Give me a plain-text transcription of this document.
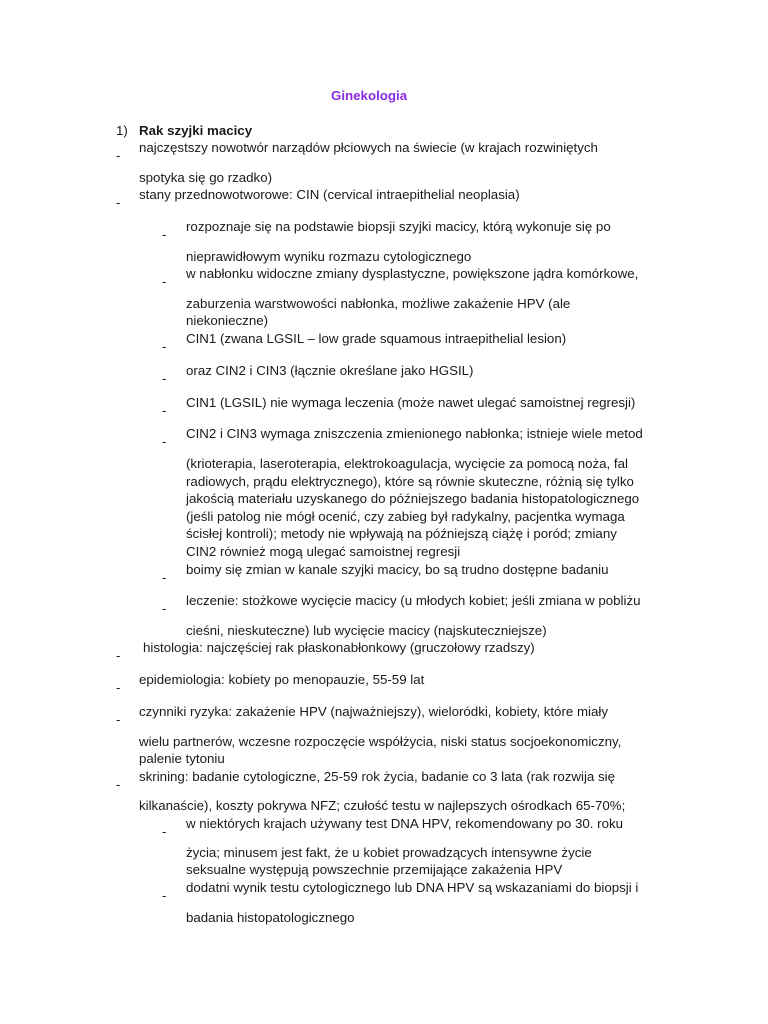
Ginekologia
1) Rak szyjki macicy
-
najczęstszy nowotwór narządów płciowych na świecie (w krajach rozwiniętych
spotyka się go rzadko)
-
stany przednowotworowe: CIN (cervical intraepithelial neoplasia)
-
rozpoznaje się na podstawie biopsji szyjki macicy, którą wykonuje się po
nieprawidłowym wyniku rozmazu cytologicznego
-
w nabłonku widoczne zmiany dysplastyczne, powiększone jądra komórkowe,
zaburzenia warstwowości nabłonka, możliwe zakażenie HPV (ale
niekonieczne)
-
CIN1 (zwana LGSIL – low grade squamous intraepithelial lesion)
-
oraz CIN2 i CIN3 (łącznie określane jako HGSIL)
-
CIN1 (LGSIL) nie wymaga leczenia (może nawet ulegać samoistnej regresji)
-
CIN2 i CIN3 wymaga zniszczenia zmienionego nabłonka; istnieje wiele metod
(krioterapia, laseroterapia, elektrokoagulacja, wycięcie za pomocą noża, fal
radiowych, prądu elektrycznego), które są równie skuteczne, różnią się tylko
jakością materiału uzyskanego do późniejszego badania histopatologicznego
(jeśli patolog nie mógł ocenić, czy zabieg był radykalny, pacjentka wymaga
ścisłej kontroli); metody nie wpływają na późniejszą ciążę i poród; zmiany
CIN2 również mogą ulegać samoistnej regresji
-
boimy się zmian w kanale szyjki macicy, bo są trudno dostępne badaniu
-
leczenie: stożkowe wycięcie macicy (u młodych kobiet; jeśli zmiana w pobliżu
cieśni, nieskuteczne) lub wycięcie macicy (najskuteczniejsze)
-
histologia: najczęściej rak płaskonabłonkowy (gruczołowy rzadszy)
-
epidemiologia: kobiety po menopauzie, 55-59 lat
-
czynniki ryzyka: zakażenie HPV (najważniejszy), wieloródki, kobiety, które miały
wielu partnerów, wczesne rozpoczęcie współżycia, niski status socjoekonomiczny,
palenie tytoniu
-
skrining: badanie cytologiczne, 25-59 rok życia, badanie co 3 lata (rak rozwija się
kilkanaście), koszty pokrywa NFZ; czułość testu w najlepszych ośrodkach 65-70%;
-
w niektórych krajach używany test DNA HPV, rekomendowany po 30. roku
życia; minusem jest fakt, że u kobiet prowadzących intensywne życie
seksualne występują powszechnie przemijające zakażenia HPV
-
dodatni wynik testu cytologicznego lub DNA HPV są wskazaniami do biopsji i
badania histopatologicznego
